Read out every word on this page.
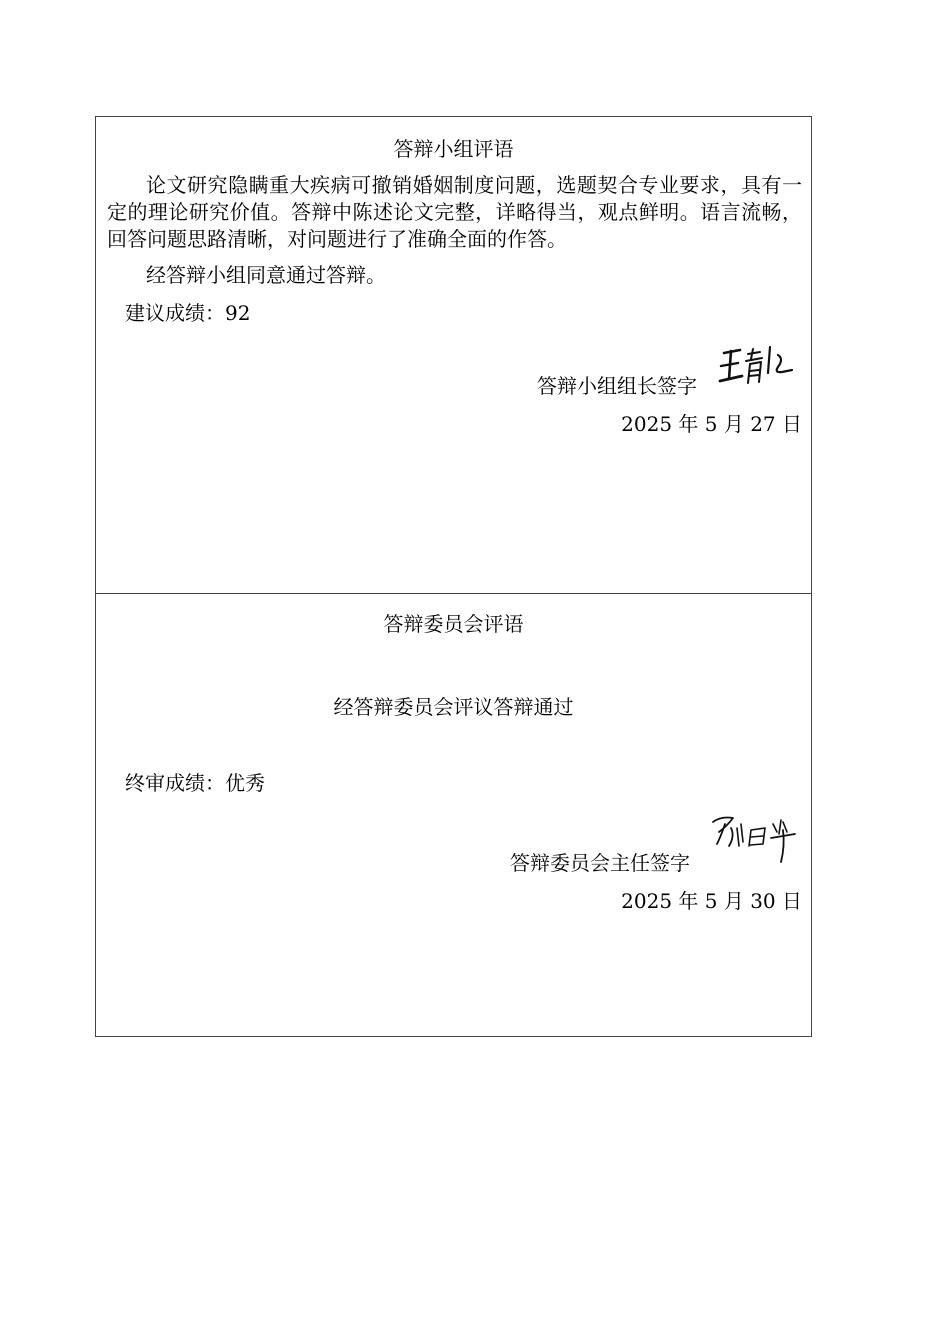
答辩小组评语

论文研究隐瞒重大疾病可撤销婚姻制度问题，选题契合专业要求，具有一定的理论研究价值。答辩中陈述论文完整，详略得当，观点鲜明。语言流畅，回答问题思路清晰，对问题进行了准确全面的作答。

经答辩小组同意通过答辩。
建议成绩：92
答辩小组组长签字
2025 年 5 月 27 日
答辩委员会评语
经答辩委员会评议答辩通过
终审成绩：优秀
答辩委员会主任签字
2025 年 5 月 30 日
